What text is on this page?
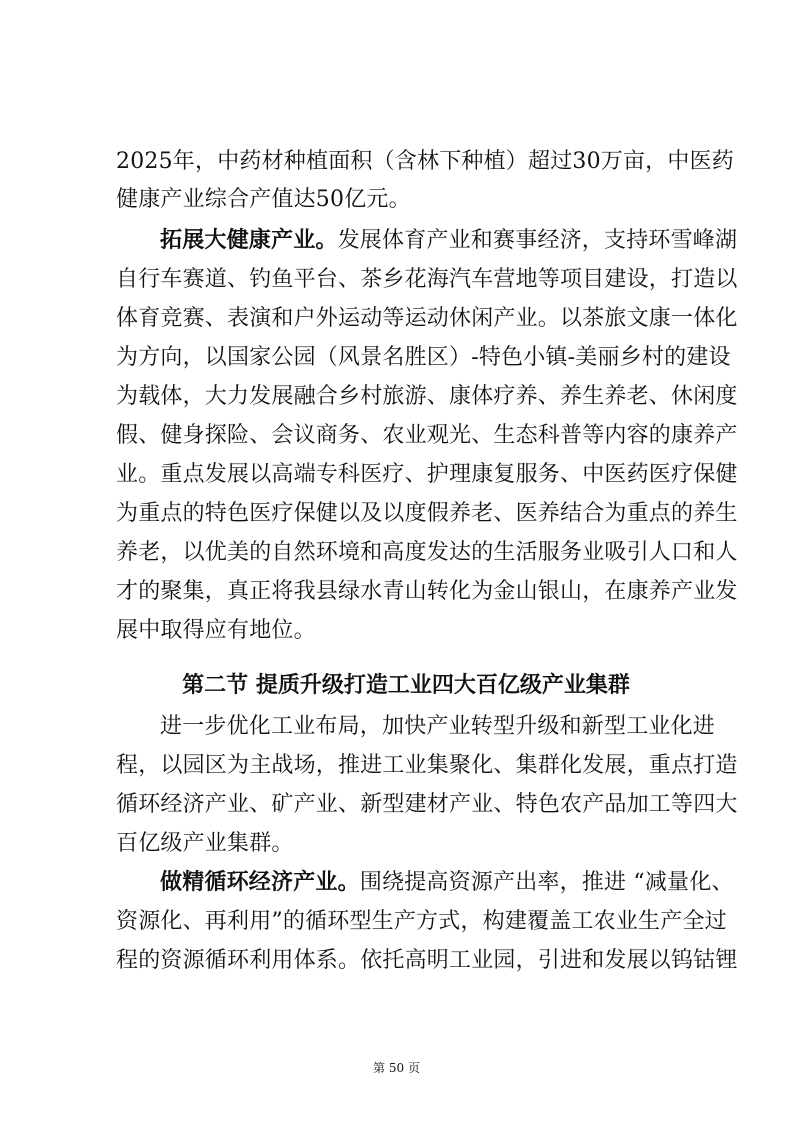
2025年，中药材种植面积（含林下种植）超过30万亩，中医药
健康产业综合产值达50亿元。
拓展大健康产业。发展体育产业和赛事经济，支持环雪峰湖
自行车赛道、钓鱼平台、茶乡花海汽车营地等项目建设，打造以
体育竞赛、表演和户外运动等运动休闲产业。以茶旅文康一体化
为方向，以国家公园（风景名胜区）-特色小镇-美丽乡村的建设
为载体，大力发展融合乡村旅游、康体疗养、养生养老、休闲度
假、健身探险、会议商务、农业观光、生态科普等内容的康养产
业。重点发展以高端专科医疗、护理康复服务、中医药医疗保健
为重点的特色医疗保健以及以度假养老、医养结合为重点的养生
养老，以优美的自然环境和高度发达的生活服务业吸引人口和人
才的聚集，真正将我县绿水青山转化为金山银山，在康养产业发
展中取得应有地位。
第二节 提质升级打造工业四大百亿级产业集群
进一步优化工业布局，加快产业转型升级和新型工业化进
程，以园区为主战场，推进工业集聚化、集群化发展，重点打造
循环经济产业、矿产业、新型建材产业、特色农产品加工等四大
百亿级产业集群。
做精循环经济产业。围绕提高资源产出率，推进 “减量化、
资源化、再利用”的循环型生产方式，构建覆盖工农业生产全过
程的资源循环利用体系。依托高明工业园，引进和发展以钨钴锂
第 50 页
